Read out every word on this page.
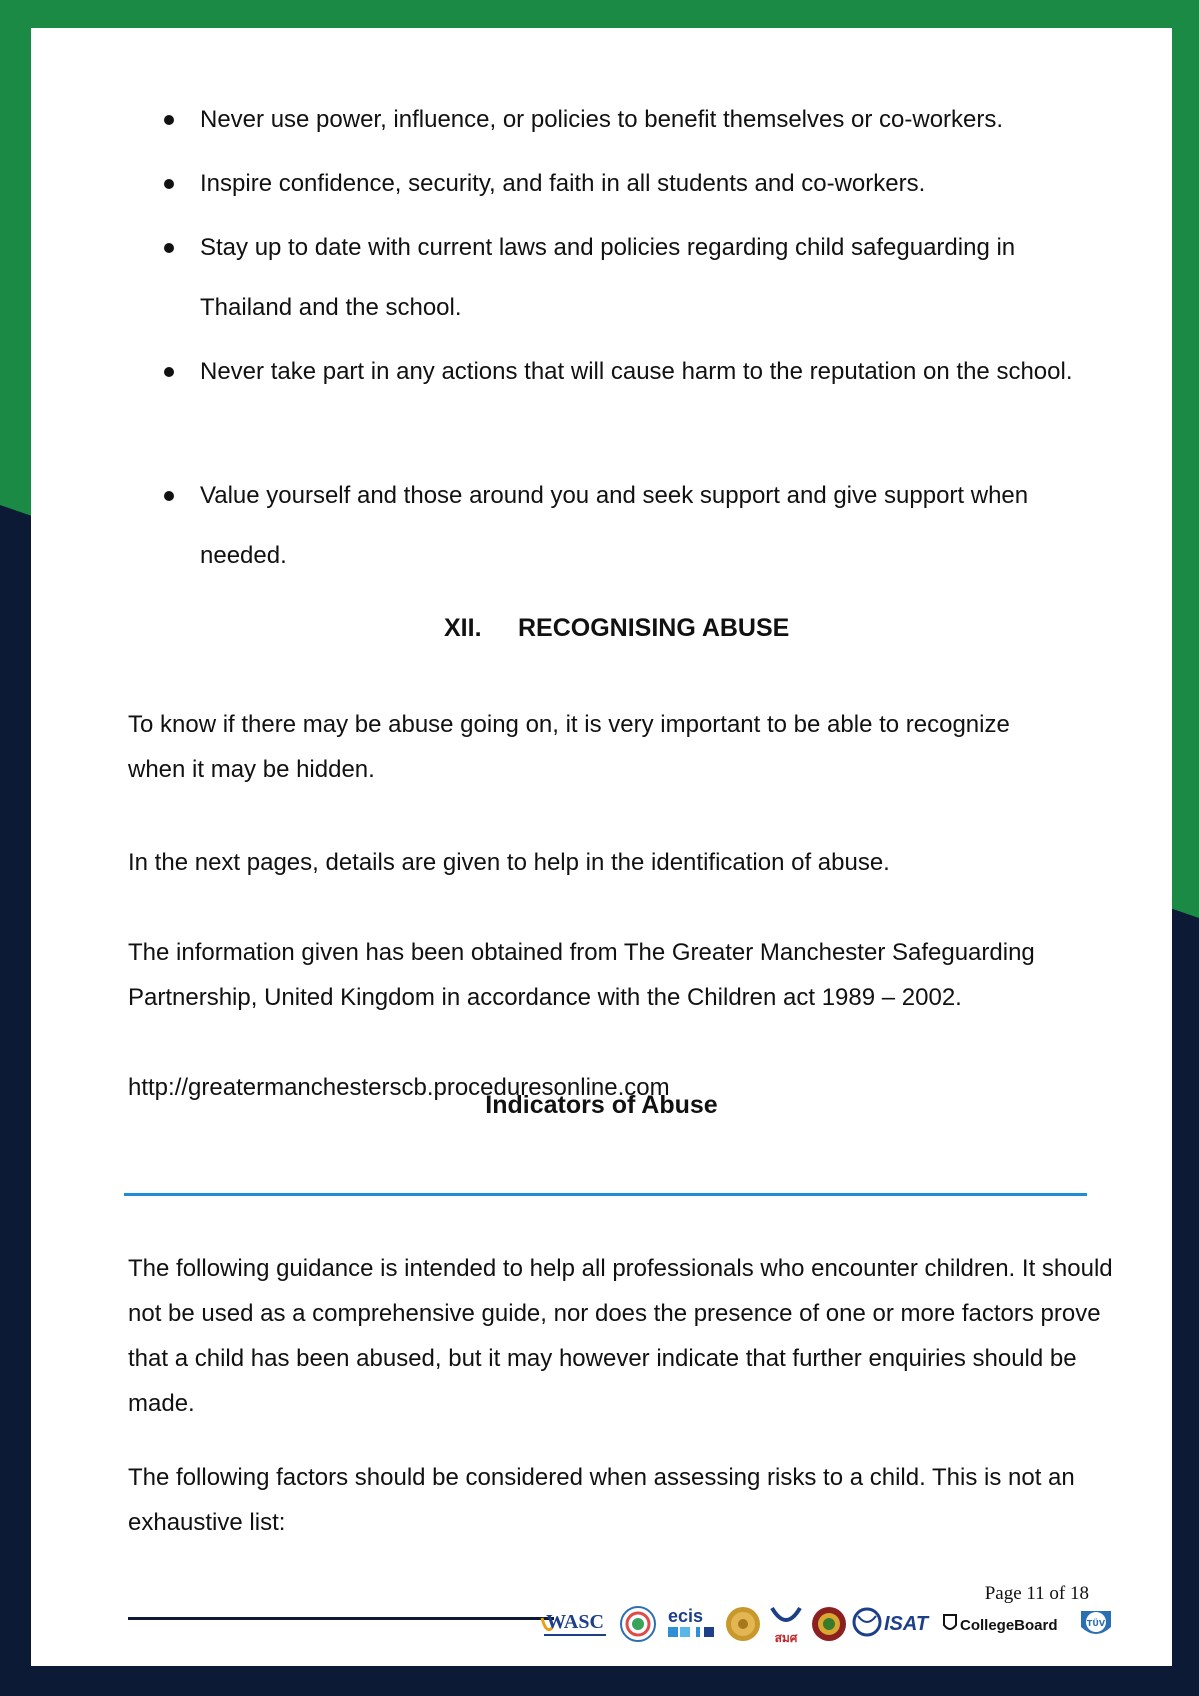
Never use power, influence, or policies to benefit themselves or co-workers.
Inspire confidence, security, and faith in all students and co-workers.
Stay up to date with current laws and policies regarding child safeguarding in Thailand and the school.
Never take part in any actions that will cause harm to the reputation on the school.
Value yourself and those around you and seek support and give support when needed.
XII. RECOGNISING ABUSE
To know if there may be abuse going on, it is very important to be able to recognize when it may be hidden.
In the next pages, details are given to help in the identification of abuse.
The information given has been obtained from The Greater Manchester Safeguarding Partnership, United Kingdom in accordance with the Children act 1989 – 2002.
http://greatermanchesterscb.proceduresonline.com
Indicators of Abuse
The following guidance is intended to help all professionals who encounter children. It should not be used as a comprehensive guide, nor does the presence of one or more factors prove that a child has been abused, but it may however indicate that further enquiries should be made.
The following factors should be considered when assessing risks to a child. This is not an exhaustive list:
Page 11 of 18
WASC	ecis
สมศ
ISAT CollegeBoard	TÜV
